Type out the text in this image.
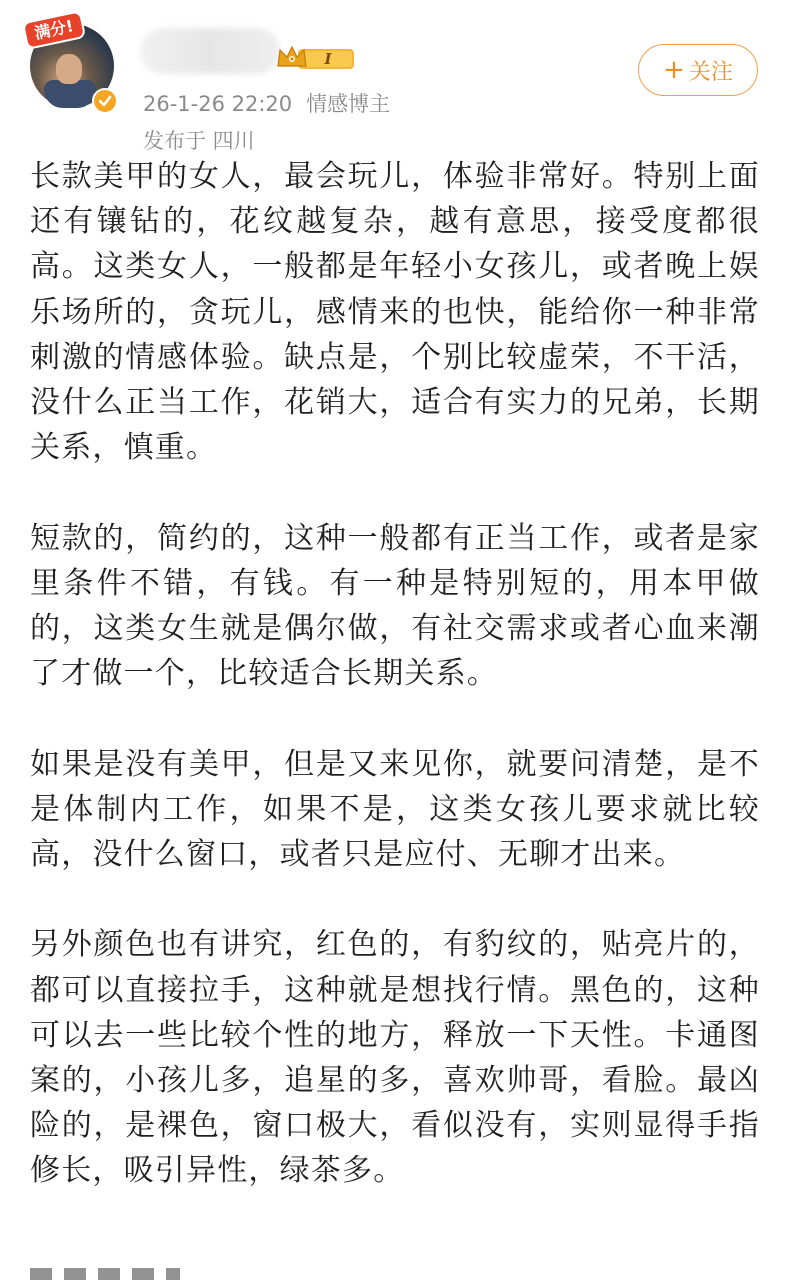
满分!
I
26-1-26 22:20 情感博主
发布于 四川
+ 关注

长款美甲的女人，最会玩儿，体验非常好。特别上面还有镶钻的，花纹越复杂，越有意思，接受度都很高。这类女人，一般都是年轻小女孩儿，或者晚上娱乐场所的，贪玩儿，感情来的也快，能给你一种非常刺激的情感体验。缺点是，个别比较虚荣，不干活，没什么正当工作，花销大，适合有实力的兄弟，长期关系，慎重。

短款的，简约的，这种一般都有正当工作，或者是家里条件不错，有钱。有一种是特别短的，用本甲做的，这类女生就是偶尔做，有社交需求或者心血来潮了才做一个，比较适合长期关系。

如果是没有美甲，但是又来见你，就要问清楚，是不是体制内工作，如果不是，这类女孩儿要求就比较高，没什么窗口，或者只是应付、无聊才出来。

另外颜色也有讲究，红色的，有豹纹的，贴亮片的，都可以直接拉手，这种就是想找行情。黑色的，这种可以去一些比较个性的地方，释放一下天性。卡通图案的，小孩儿多，追星的多，喜欢帅哥，看脸。最凶险的，是裸色，窗口极大，看似没有，实则显得手指修长，吸引异性，绿茶多。
